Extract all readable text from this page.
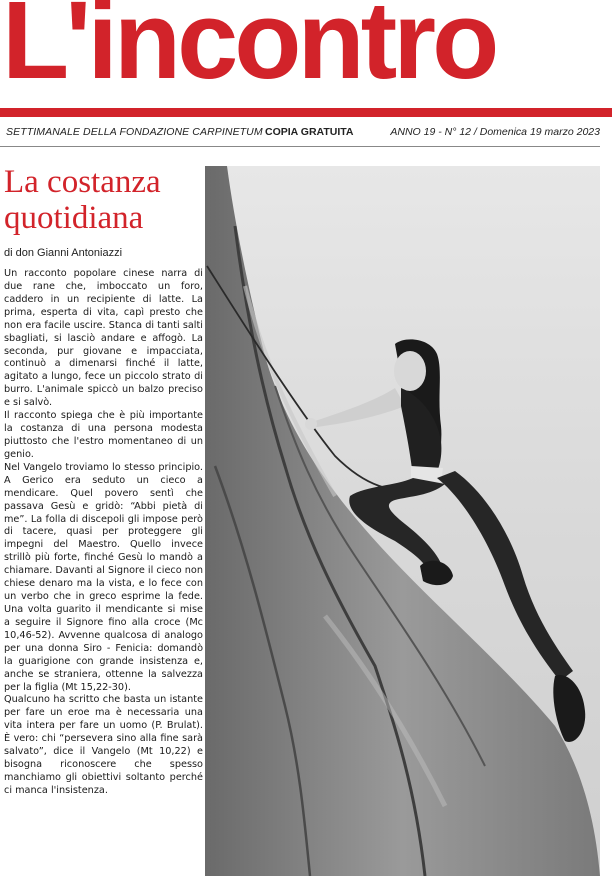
L'incontro
SETTIMANALE DELLA FONDAZIONE CARPINETUM COPIA GRATUITA	ANNO 19 - N° 12 / Domenica 19 marzo 2023
La costanza quotidiana
di don Gianni Antoniazzi

Un racconto popolare cinese narra di due rane che, imboccato un foro, caddero in un recipiente di latte. La prima, esperta di vita, capì presto che non era facile uscire. Stanca di tanti salti sbagliati, si lasciò andare e affogò. La seconda, pur giovane e impacciata, continuò a dimenarsi finché il latte, agitato a lungo, fece un piccolo strato di burro. L'animale spiccò un balzo preciso e si salvò.

Il racconto spiega che è più importante la costanza di una persona modesta piuttosto che l'estro momentaneo di un genio.

Nel Vangelo troviamo lo stesso principio. A Gerico era seduto un cieco a mendicare. Quel povero sentì che passava Gesù e gridò: “Abbi pietà di me”. La folla di discepoli gli impose però di tacere, quasi per proteggere gli impegni del Maestro. Quello invece strillò più forte, finché Gesù lo mandò a chiamare. Davanti al Signore il cieco non chiese denaro ma la vista, e lo fece con un verbo che in greco esprime la fede. Una volta guarito il mendicante si mise a seguire il Signore fino alla croce (Mc 10,46-52). Avvenne qualcosa di analogo per una donna Siro - Fenicia: domandò la guarigione con grande insistenza e, anche se straniera, ottenne la salvezza per la figlia (Mt 15,22-30).

Qualcuno ha scritto che basta un istante per fare un eroe ma è necessaria una vita intera per fare un uomo (P. Brulat). È vero: chi “persevera sino alla fine sarà salvato”, dice il Vangelo (Mt 10,22) e bisogna riconoscere che spesso manchiamo gli obiettivi soltanto perché ci manca l'insistenza.
